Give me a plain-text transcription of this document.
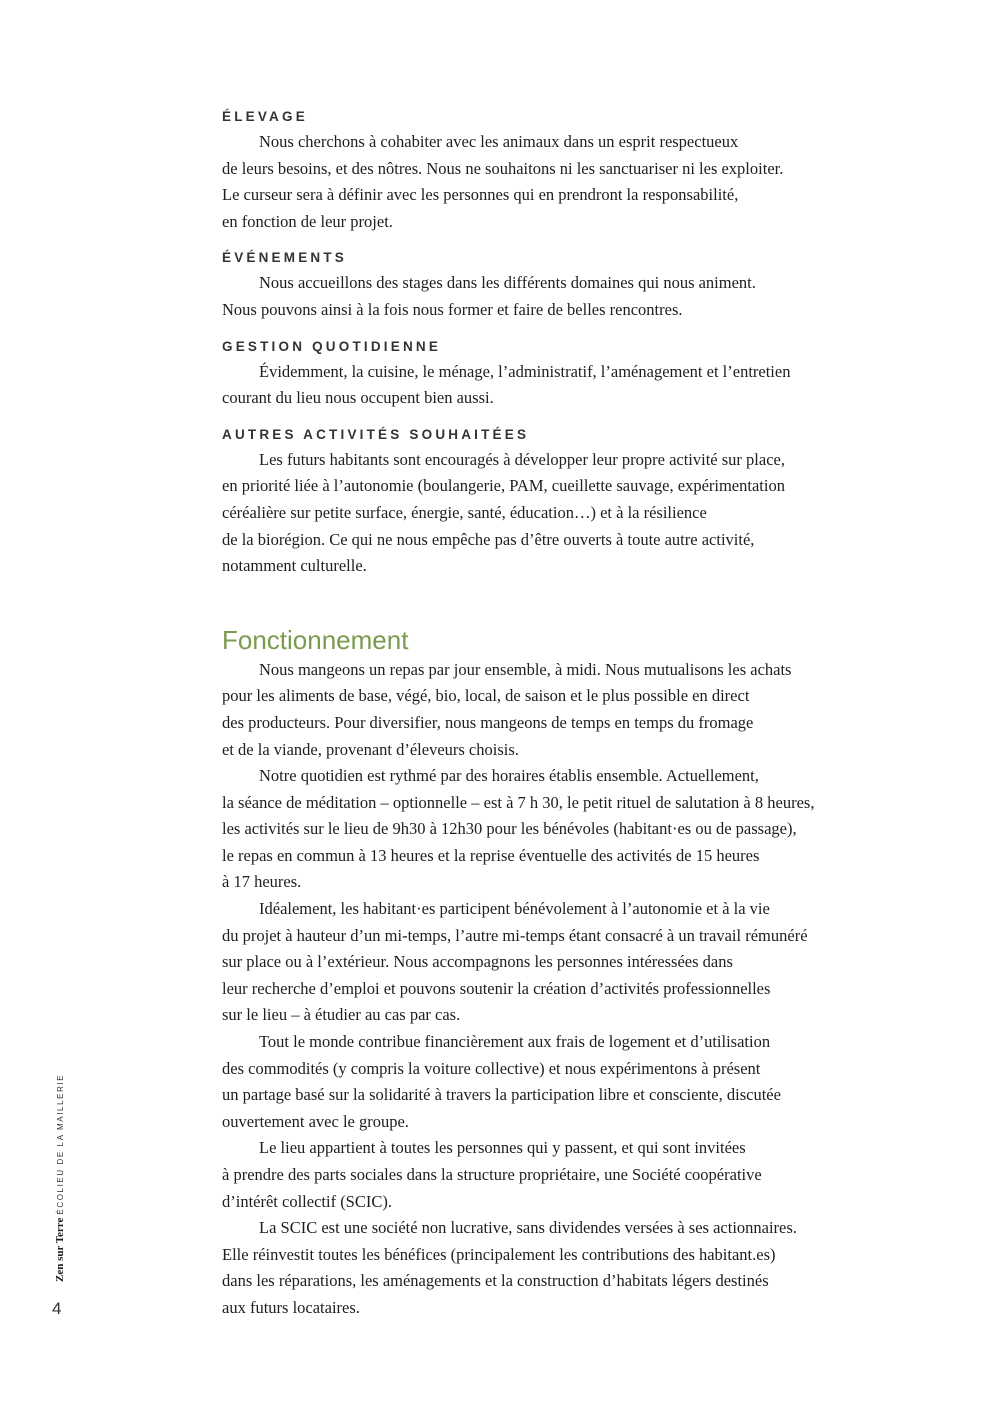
ÉLEVAGE

Nous cherchons à cohabiter avec les animaux dans un esprit respectueux
de leurs besoins, et des nôtres. Nous ne souhaitons ni les sanctuariser ni les exploiter.
Le curseur sera à définir avec les personnes qui en prendront la responsabilité,
en fonction de leur projet.

ÉVÉNEMENTS

Nous accueillons des stages dans les différents domaines qui nous animent.
Nous pouvons ainsi à la fois nous former et faire de belles rencontres.

GESTION QUOTIDIENNE

Évidemment, la cuisine, le ménage, l’administratif, l’aménagement et l’entretien
courant du lieu nous occupent bien aussi.

AUTRES ACTIVITÉS SOUHAITÉES

Les futurs habitants sont encouragés à développer leur propre activité sur place,
en priorité liée à l’autonomie (boulangerie, PAM, cueillette sauvage, expérimentation
céréalière sur petite surface, énergie, santé, éducation…) et à la résilience
de la biorégion. Ce qui ne nous empêche pas d’être ouverts à toute autre activité,
notamment culturelle.

Fonctionnement

Nous mangeons un repas par jour ensemble, à midi. Nous mutualisons les achats
pour les aliments de base, végé, bio, local, de saison et le plus possible en direct
des producteurs. Pour diversifier, nous mangeons de temps en temps du fromage
et de la viande, provenant d’éleveurs choisis.

Notre quotidien est rythmé par des horaires établis ensemble. Actuellement,
la séance de méditation – optionnelle – est à 7 h 30, le petit rituel de salutation à 8 heures,
les activités sur le lieu de 9h30 à 12h30 pour les bénévoles (habitant·es ou de passage),
le repas en commun à 13 heures et la reprise éventuelle des activités de 15 heures
à 17 heures.

Idéalement, les habitant·es participent bénévolement à l’autonomie et à la vie
du projet à hauteur d’un mi-temps, l’autre mi-temps étant consacré à un travail rémunéré
sur place ou à l’extérieur. Nous accompagnons les personnes intéressées dans
leur recherche d’emploi et pouvons soutenir la création d’activités professionnelles
sur le lieu – à étudier au cas par cas.

Tout le monde contribue financièrement aux frais de logement et d’utilisation
des commodités (y compris la voiture collective) et nous expérimentons à présent
un partage basé sur la solidarité à travers la participation libre et consciente, discutée
ouvertement avec le groupe.

Le lieu appartient à toutes les personnes qui y passent, et qui sont invitées
à prendre des parts sociales dans la structure propriétaire, une Société coopérative
d’intérêt collectif (SCIC).

La SCIC est une société non lucrative, sans dividendes versées à ses actionnaires.
Elle réinvestit toutes les bénéfices (principalement les contributions des habitant.es)
dans les réparations, les aménagements et la construction d’habitats légers destinés
aux futurs locataires.

Zen sur TerreÉCOLIEU DE LA MAILLERIE
4
